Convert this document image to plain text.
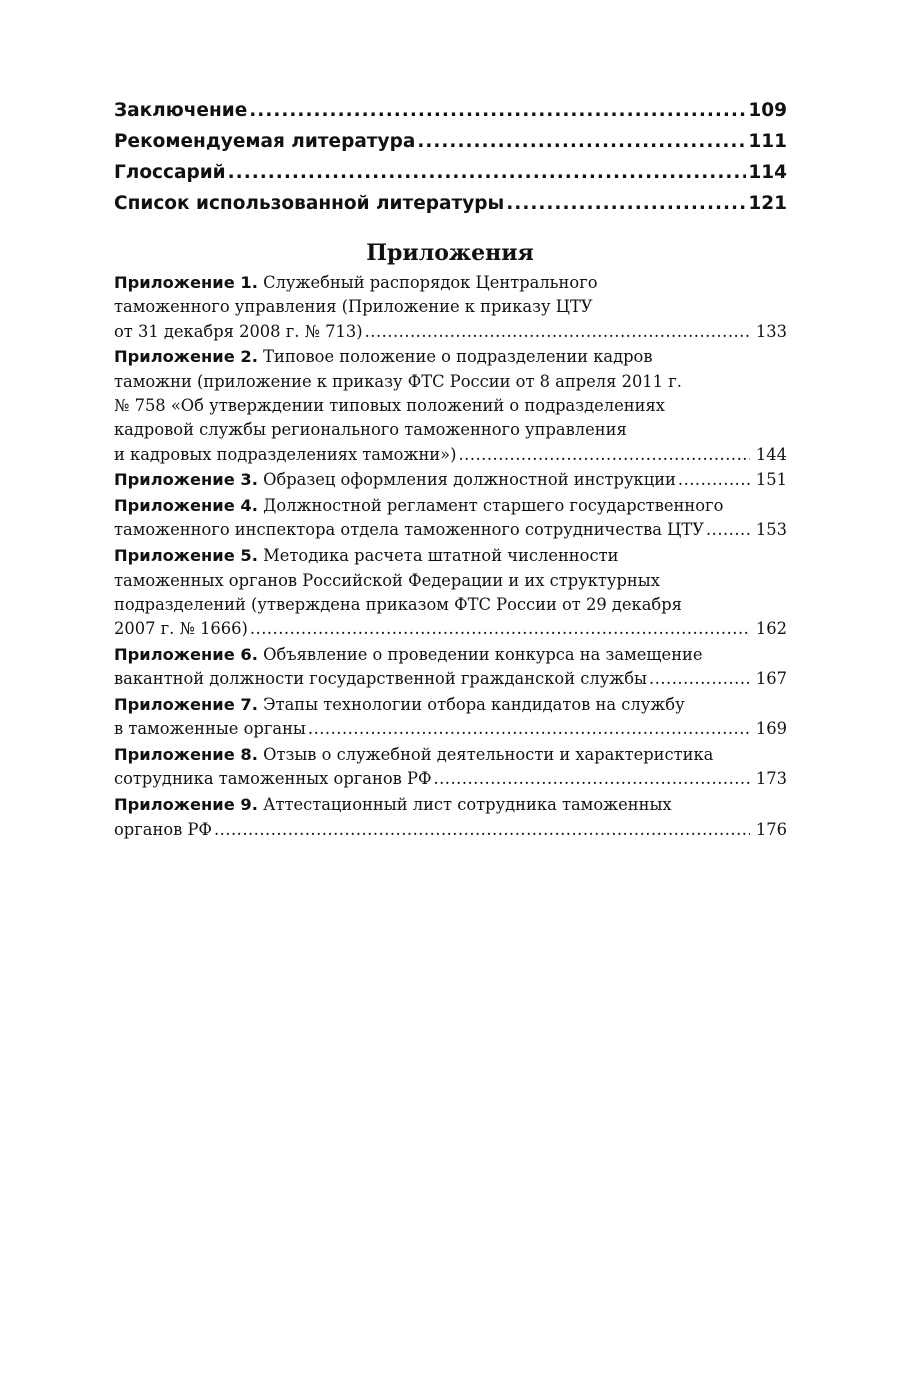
Заключение .....	109
Рекомендуемая литература .....	111
Глоссарий .....	114
Список использованной литературы .....	121
Приложения
Приложение 1. Служебный распорядок Центрального
таможенного управления (Приложение к приказу ЦТУ
от 31 декабря 2008 г. № 713) .....	133
Приложение 2. Типовое положение о подразделении кадров
таможни (приложение к приказу ФТС России от 8 апреля 2011 г.
№ 758 «Об утверждении типовых положений о подразделениях
кадровой службы регионального таможенного управления
и кадровых подразделениях таможни») .....	144
Приложение 3. Образец оформления должностной инструкции .....	151
Приложение 4. Должностной регламент старшего государственного
таможенного инспектора отдела таможенного сотрудничества ЦТУ .....	153
Приложение 5. Методика расчета штатной численности
таможенных органов Российской Федерации и их структурных
подразделений (утверждена приказом ФТС России от 29 декабря
2007 г. № 1666) .....	162
Приложение 6. Объявление о проведении конкурса на замещение
вакантной должности государственной гражданской службы .....	167
Приложение 7. Этапы технологии отбора кандидатов на службу
в таможенные органы .....	169
Приложение 8. Отзыв о служебной деятельности и характеристика
сотрудника таможенных органов РФ .....	173
Приложение 9. Аттестационный лист сотрудника таможенных
органов РФ .....	176
